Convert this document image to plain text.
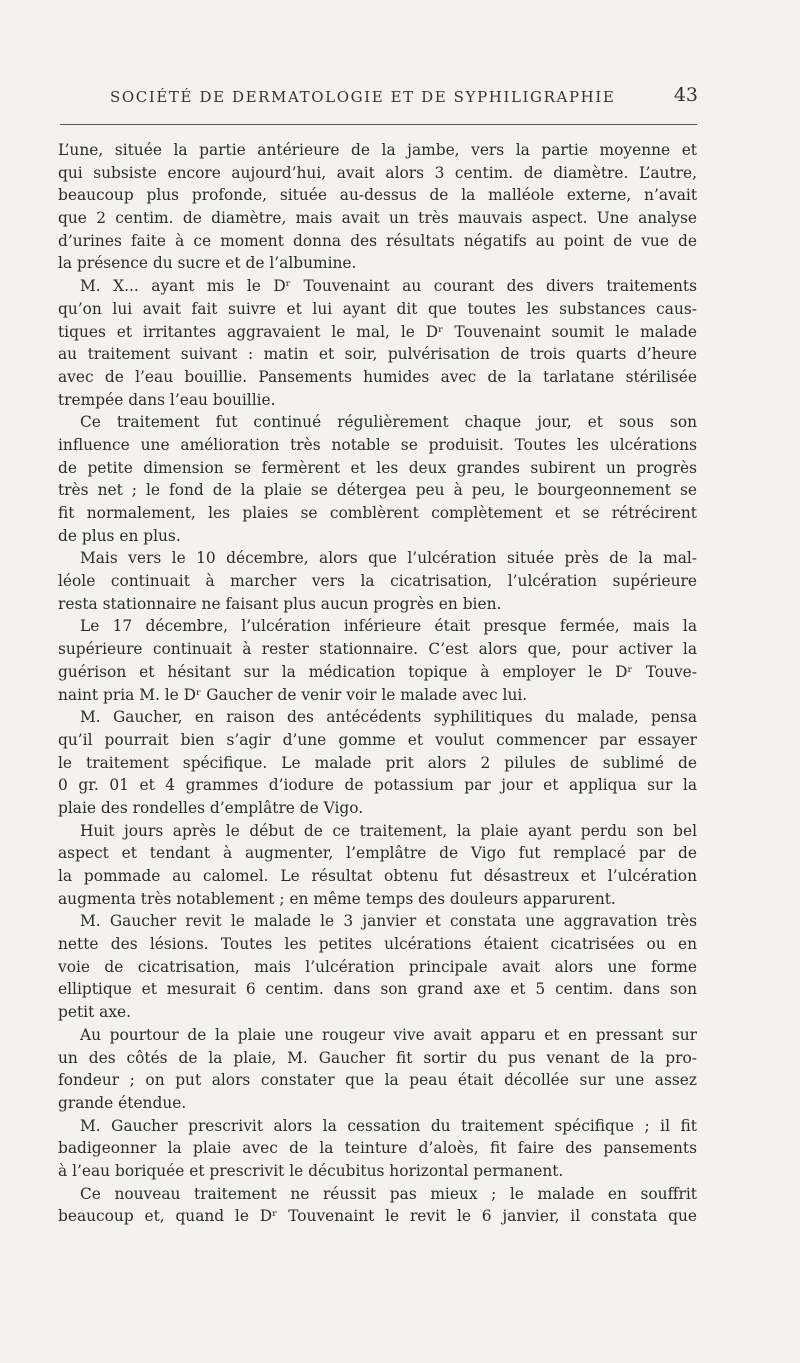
SOCIÉTÉ DE DERMATOLOGIE ET DE SYPHILIGRAPHIE	43
L’une, située la partie antérieure de la jambe, vers la partie moyenne et
qui subsiste encore aujourd’hui, avait alors 3 centim. de diamètre. L’autre,
beaucoup plus profonde, située au-dessus de la malléole externe, n’avait
que 2 centim. de diamètre, mais avait un très mauvais aspect. Une analyse
d’urines faite à ce moment donna des résultats négatifs au point de vue de
la présence du sucre et de l’albumine.
M. X... ayant mis le Dʳ Touvenaint au courant des divers traitements
qu’on lui avait fait suivre et lui ayant dit que toutes les substances caus-
tiques et irritantes aggravaient le mal, le Dʳ Touvenaint soumit le malade
au traitement suivant : matin et soir, pulvérisation de trois quarts d’heure
avec de l’eau bouillie. Pansements humides avec de la tarlatane stérilisée
trempée dans l’eau bouillie.
Ce traitement fut continué régulièrement chaque jour, et sous son
influence une amélioration très notable se produisit. Toutes les ulcérations
de petite dimension se fermèrent et les deux grandes subirent un progrès
très net ; le fond de la plaie se détergea peu à peu, le bourgeonnement se
fit normalement, les plaies se comblèrent complètement et se rétrécirent
de plus en plus.
Mais vers le 10 décembre, alors que l’ulcération située près de la mal-
léole continuait à marcher vers la cicatrisation, l’ulcération supérieure
resta stationnaire ne faisant plus aucun progrès en bien.
Le 17 décembre, l’ulcération inférieure était presque fermée, mais la
supérieure continuait à rester stationnaire. C’est alors que, pour activer la
guérison et hésitant sur la médication topique à employer le Dʳ Touve-
naint pria M. le Dʳ Gaucher de venir voir le malade avec lui.
M. Gaucher, en raison des antécédents syphilitiques du malade, pensa
qu’il pourrait bien s’agir d’une gomme et voulut commencer par essayer
le traitement spécifique. Le malade prit alors 2 pilules de sublimé de
0 gr. 01 et 4 grammes d’iodure de potassium par jour et appliqua sur la
plaie des rondelles d’emplâtre de Vigo.
Huit jours après le début de ce traitement, la plaie ayant perdu son bel
aspect et tendant à augmenter, l’emplâtre de Vigo fut remplacé par de
la pommade au calomel. Le résultat obtenu fut désastreux et l’ulcération
augmenta très notablement ; en même temps des douleurs apparurent.
M. Gaucher revit le malade le 3 janvier et constata une aggravation très
nette des lésions. Toutes les petites ulcérations étaient cicatrisées ou en
voie de cicatrisation, mais l’ulcération principale avait alors une forme
elliptique et mesurait 6 centim. dans son grand axe et 5 centim. dans son
petit axe.
Au pourtour de la plaie une rougeur vive avait apparu et en pressant sur
un des côtés de la plaie, M. Gaucher fit sortir du pus venant de la pro-
fondeur ; on put alors constater que la peau était décollée sur une assez
grande étendue.
M. Gaucher prescrivit alors la cessation du traitement spécifique ; il fit
badigeonner la plaie avec de la teinture d’aloès, fit faire des pansements
à l’eau boriquée et prescrivit le décubitus horizontal permanent.
Ce nouveau traitement ne réussit pas mieux ; le malade en souffrit
beaucoup et, quand le Dʳ Touvenaint le revit le 6 janvier, il constata que
